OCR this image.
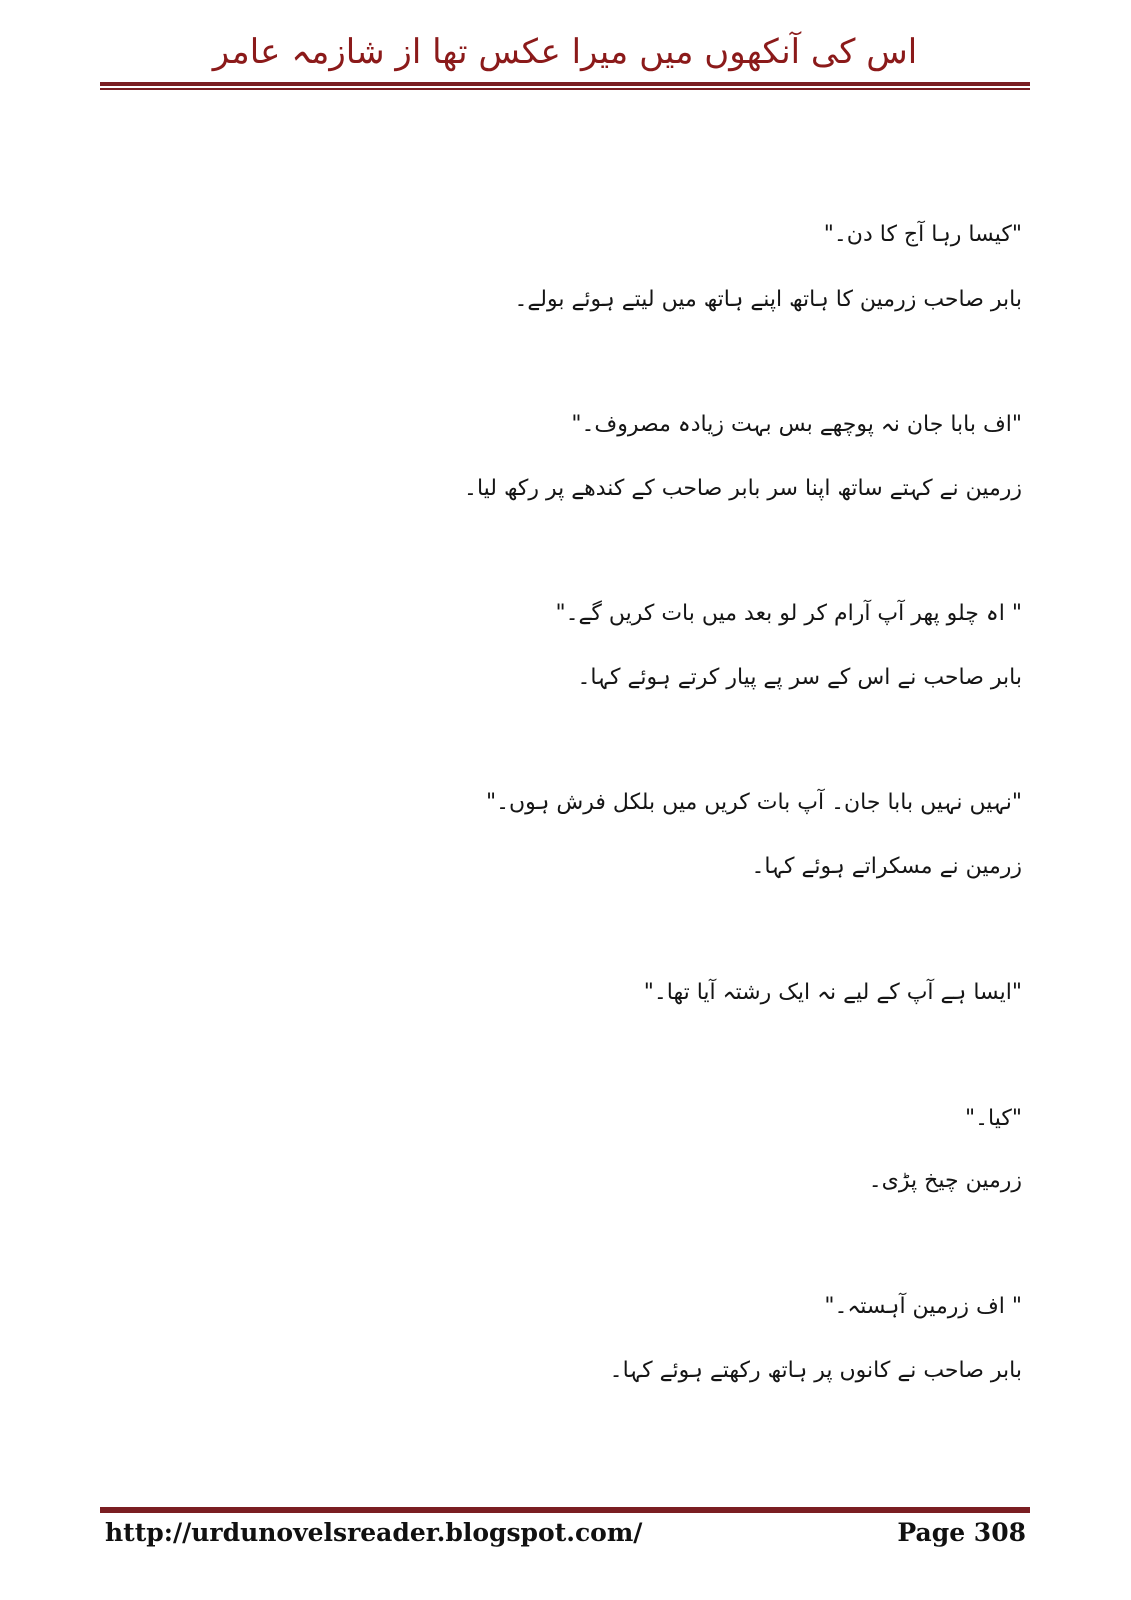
اس کی آنکھوں میں میرا عکس تھا از شازمہ عامر
"کیسا رہا آج کا دن۔"
بابر صاحب زرمین کا ہاتھ اپنے ہاتھ میں لیتے ہوئے بولے۔
"اف بابا جان نہ پوچھے بس بہت زیادہ مصروف۔"
زرمین نے کہتے ساتھ اپنا سر بابر صاحب کے کندھے پر رکھ لیا۔
" اہ چلو پھر آپ آرام کر لو بعد میں بات کریں گے۔"
بابر صاحب نے اس کے سر پے پیار کرتے ہوئے کہا۔
"نہیں نہیں بابا جان۔ آپ بات کریں میں بلکل فرش ہوں۔"
زرمین نے مسکراتے ہوئے کہا۔
"ایسا ہے آپ کے لیے نہ ایک رشتہ آیا تھا۔"
"کیا۔"
زرمین چیخ پڑی۔
" اف زرمین آہستہ۔"
بابر صاحب نے کانوں پر ہاتھ رکھتے ہوئے کہا۔
http://urdunovelsreader.blogspot.com/	Page 308
